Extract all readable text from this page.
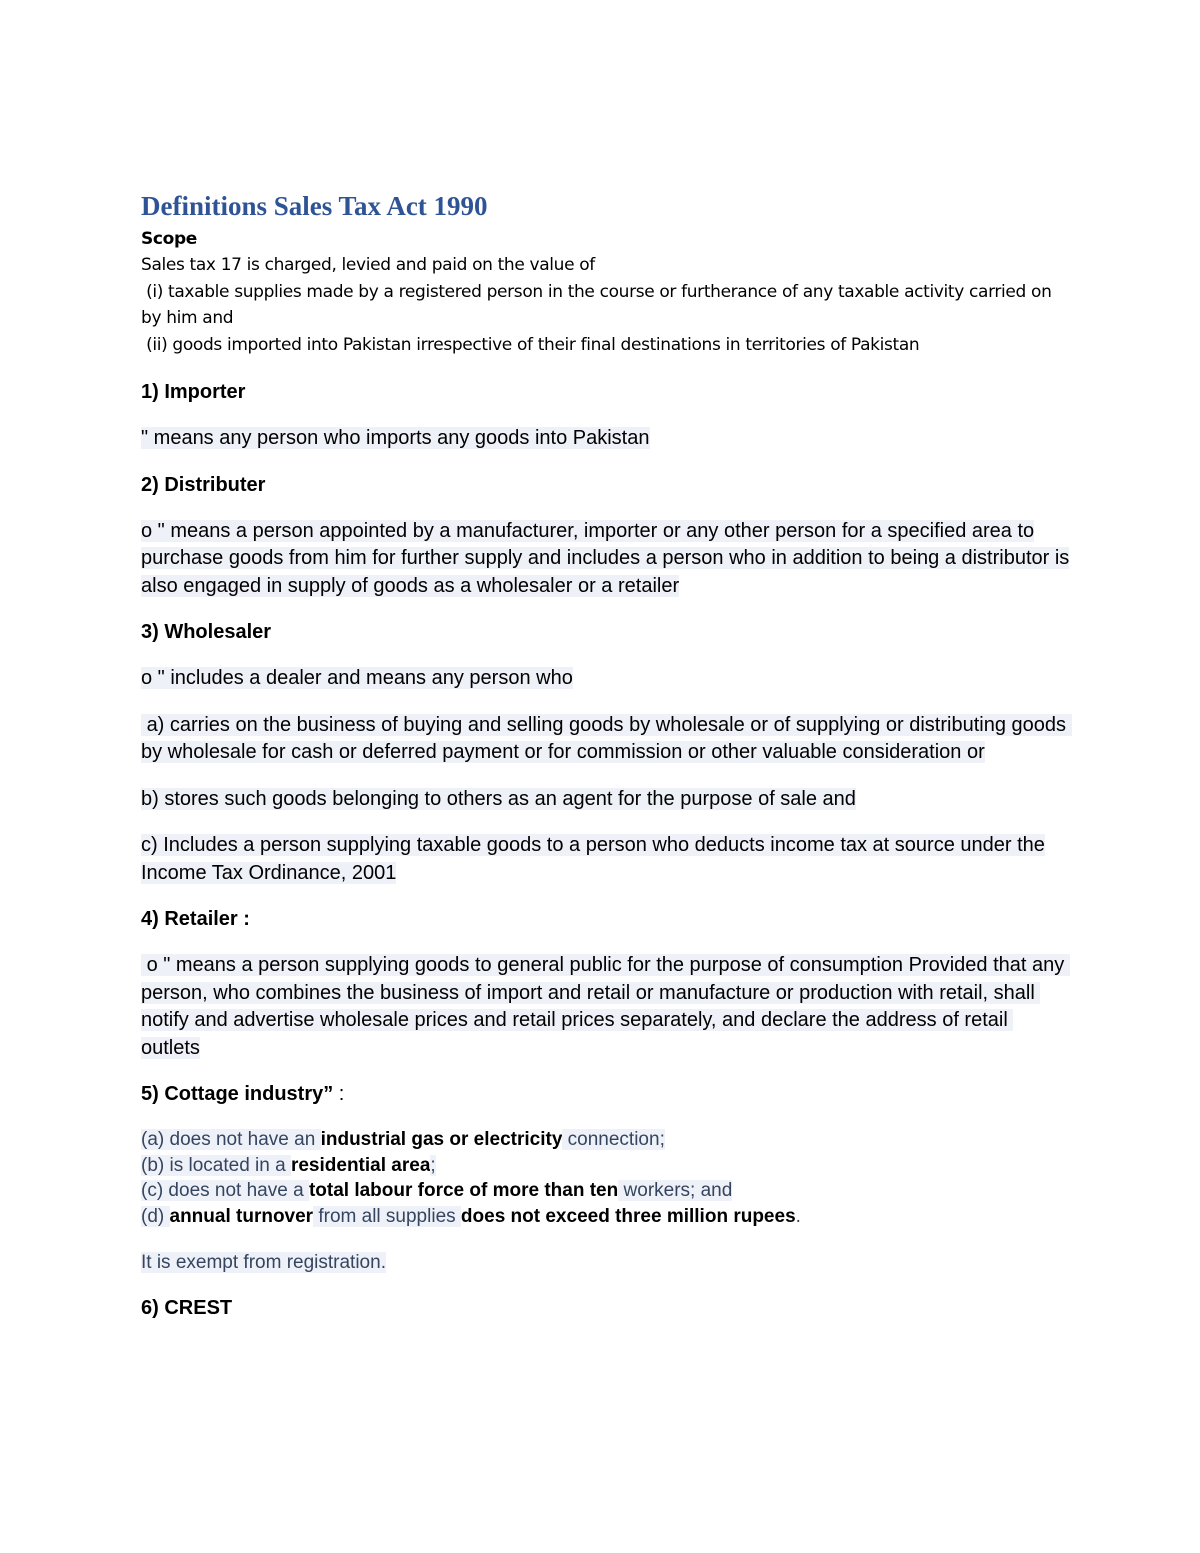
Definitions Sales Tax Act 1990
Scope
Sales tax 17 is charged, levied and paid on the value of
(i) taxable supplies made by a registered person in the course or furtherance of any taxable activity carried on by him and
(ii) goods imported into Pakistan irrespective of their final destinations in territories of Pakistan
1) Importer
" means any person who imports any goods into Pakistan
2) Distributer
o " means a person appointed by a manufacturer, importer or any other person for a specified area to purchase goods from him for further supply and includes a person who in addition to being a distributor is also engaged in supply of goods as a wholesaler or a retailer
3) Wholesaler
o " includes a dealer and means any person who
a) carries on the business of buying and selling goods by wholesale or of supplying or distributing goods by wholesale for cash or deferred payment or for commission or other valuable consideration or
b) stores such goods belonging to others as an agent for the purpose of sale and
c) Includes a person supplying taxable goods to a person who deducts income tax at source under the Income Tax Ordinance, 2001
4) Retailer :
o " means a person supplying goods to general public for the purpose of consumption Provided that any person, who combines the business of import and retail or manufacture or production with retail, shall notify and advertise wholesale prices and retail prices separately, and declare the address of retail outlets
5) Cottage industry” :
(a) does not have an industrial gas or electricity connection;
(b) is located in a residential area;
(c) does not have a total labour force of more than ten workers; and
(d) annual turnover from all supplies does not exceed three million rupees.
It is exempt from registration.
6) CREST
